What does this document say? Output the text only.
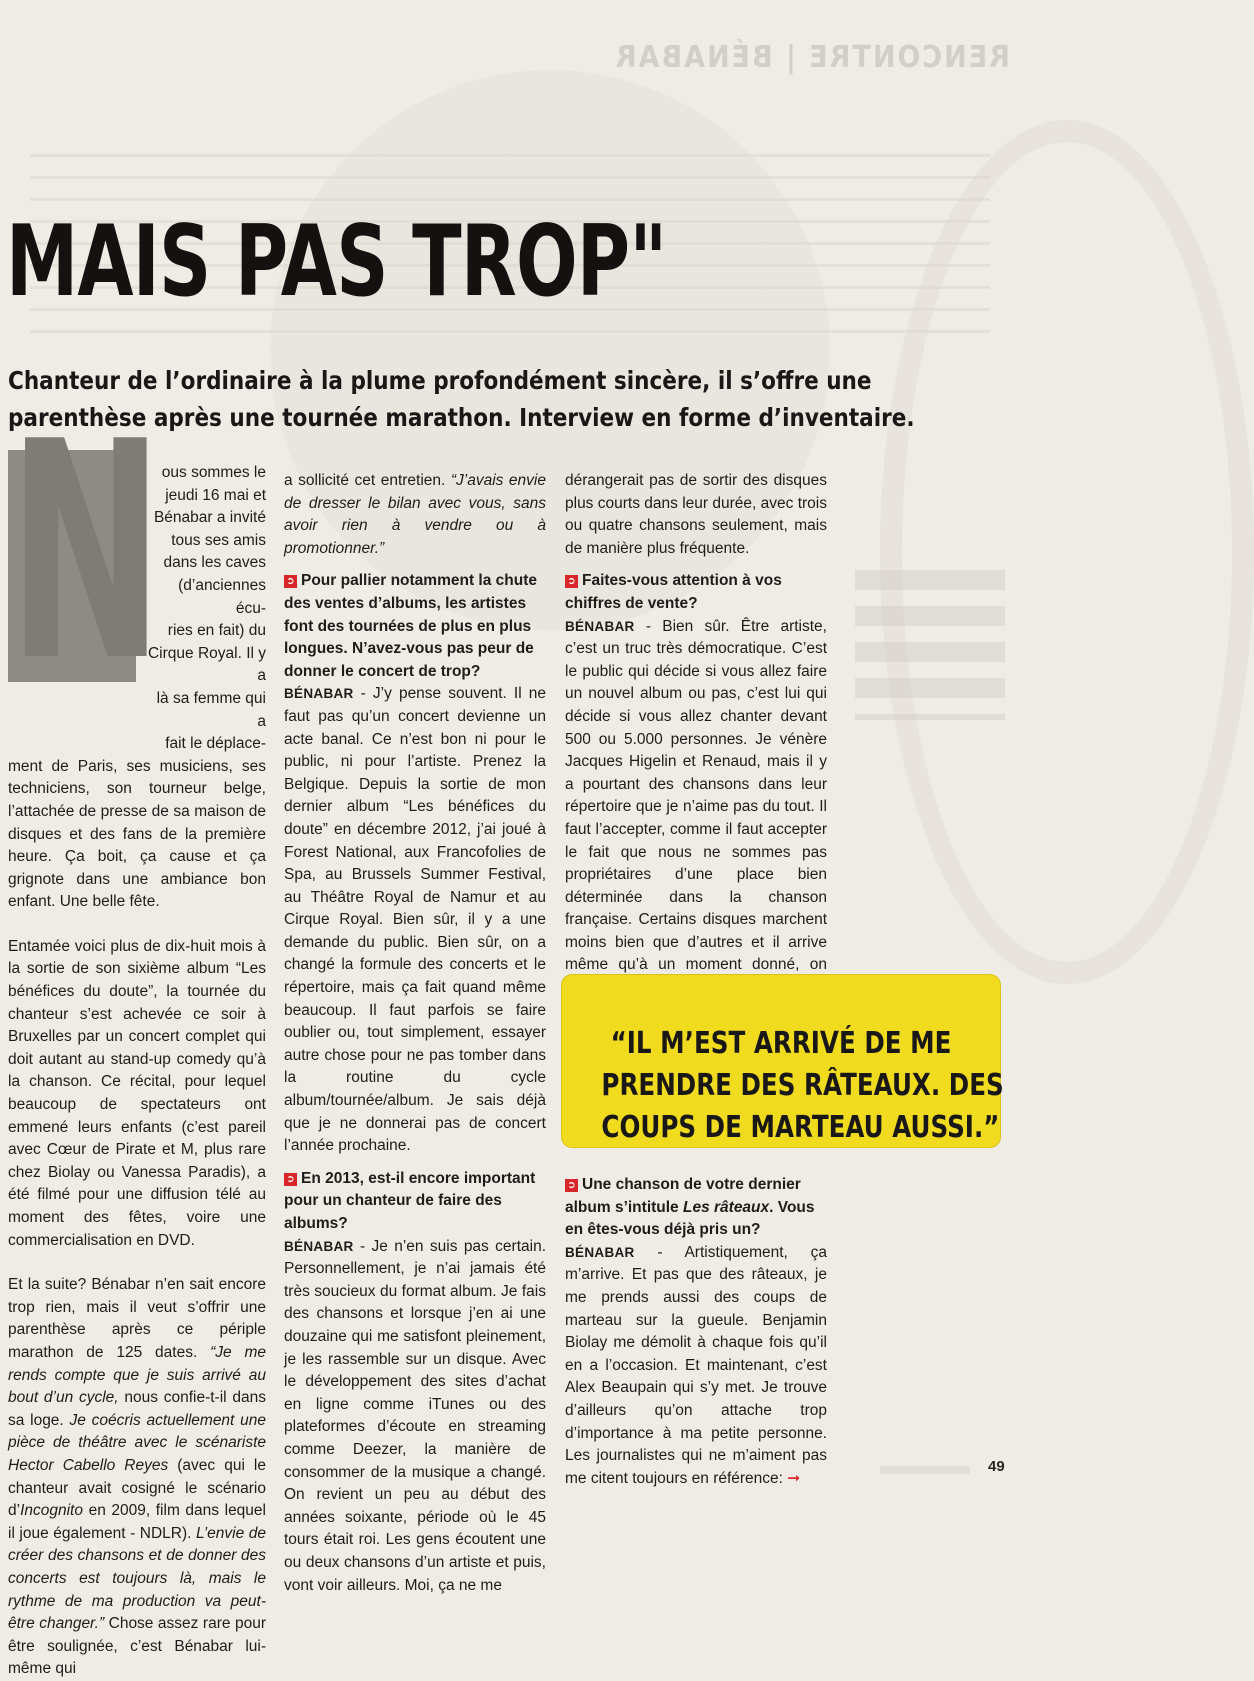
RENCONTRE | BÉNABAR
MAIS PAS TROP"
Chanteur de l’ordinaire à la plume profondément sincère, il s’offre une
parenthèse après une tournée marathon. Interview en forme d’inventaire.
N
ous sommes le
jeudi 16 mai et
Bénabar a invité
tous ses amis
dans les caves
(d’anciennes écu-
ries en fait) du
Cirque Royal. Il y a
là sa femme qui a
fait le déplace-

ment de Paris, ses musiciens, ses techniciens, son tourneur belge, l’attachée de presse de sa maison de disques et des fans de la première heure. Ça boit, ça cause et ça grignote dans une ambiance bon enfant. Une belle fête.

Entamée voici plus de dix-huit mois à la sortie de son sixième album “Les bénéfices du doute”, la tournée du chanteur s’est achevée ce soir à Bruxelles par un concert complet qui doit autant au stand-up comedy qu’à la chanson. Ce récital, pour lequel beaucoup de spectateurs ont emmené leurs enfants (c’est pareil avec Cœur de Pirate et M, plus rare chez Biolay ou Vanessa Paradis), a été filmé pour une diffusion télé au moment des fêtes, voire une commercialisation en DVD.

Et la suite? Bénabar n’en sait encore trop rien, mais il veut s’offrir une parenthèse après ce périple marathon de 125 dates. “Je me rends compte que je suis arrivé au bout d’un cycle, nous confie-t-il dans sa loge. Je coécris actuellement une pièce de théâtre avec le scénariste Hector Cabello Reyes (avec qui le chanteur avait cosigné le scénario d’Incognito en 2009, film dans lequel il joue également - NDLR). L’envie de créer des chansons et de donner des concerts est toujours là, mais le rythme de ma production va peut-être changer.” Chose assez rare pour être soulignée, c’est Bénabar lui-même qui

a sollicité cet entretien. “J’avais envie de dresser le bilan avec vous, sans avoir rien à vendre ou à promotionner.”

➲ Pour pallier notamment la chute des ventes d’albums, les artistes font des tournées de plus en plus longues. N’avez-vous pas peur de donner le concert de trop?

BÉNABAR - J’y pense souvent. Il ne faut pas qu’un concert devienne un acte banal. Ce n’est bon ni pour le public, ni pour l’artiste. Prenez la Belgique. Depuis la sortie de mon dernier album “Les bénéfices du doute” en décembre 2012, j’ai joué à Forest National, aux Francofolies de Spa, au Brussels Summer Festival, au Théâtre Royal de Namur et au Cirque Royal. Bien sûr, il y a une demande du public. Bien sûr, on a changé la formule des concerts et le répertoire, mais ça fait quand même beaucoup. Il faut parfois se faire oublier ou, tout simplement, essayer autre chose pour ne pas tomber dans la routine du cycle album/tournée/album. Je sais déjà que je ne donnerai pas de concert l’année prochaine.

➲ En 2013, est-il encore important pour un chanteur de faire des albums?

BÉNABAR - Je n’en suis pas certain. Personnellement, je n’ai jamais été très soucieux du format album. Je fais des chansons et lorsque j’en ai une douzaine qui me satisfont pleinement, je les rassemble sur un disque. Avec le développement des sites d’achat en ligne comme iTunes ou des plateformes d’écoute en streaming comme Deezer, la manière de consommer de la musique a changé. On revient un peu au début des années soixante, période où le 45 tours était roi. Les gens écoutent une ou deux chansons d’un artiste et puis, vont voir ailleurs. Moi, ça ne me

dérangerait pas de sortir des disques plus courts dans leur durée, avec trois ou quatre chansons seulement, mais de manière plus fréquente.

➲ Faites-vous attention à vos chiffres de vente?

BÉNABAR - Bien sûr. Être artiste, c’est un truc très démocratique. C’est le public qui décide si vous allez faire un nouvel album ou pas, c’est lui qui décide si vous allez chanter devant 500 ou 5.000 personnes. Je vénère Jacques Higelin et Renaud, mais il y a pourtant des chansons dans leur répertoire que je n’aime pas du tout. Il faut l’accepter, comme il faut accepter le fait que nous ne sommes pas propriétaires d’une place bien déterminée dans la chanson française. Certains disques marchent moins bien que d’autres et il arrive même qu’à un moment donné, on

“IL M’EST ARRIVÉ DE ME
PRENDRE DES RÂTEAUX. DES
COUPS DE MARTEAU AUSSI.”

➲ Une chanson de votre dernier album s’intitule Les râteaux. Vous en êtes-vous déjà pris un?

BÉNABAR - Artistiquement, ça m’arrive. Et pas que des râteaux, je me prends aussi des coups de marteau sur la gueule. Benjamin Biolay me démolit à chaque fois qu’il en a l’occasion. Et maintenant, c’est Alex Beaupain qui s’y met. Je trouve d’ailleurs qu’on attache trop d’importance à ma petite personne. Les journalistes qui ne m’aiment pas me citent toujours en référence: ➞

49
